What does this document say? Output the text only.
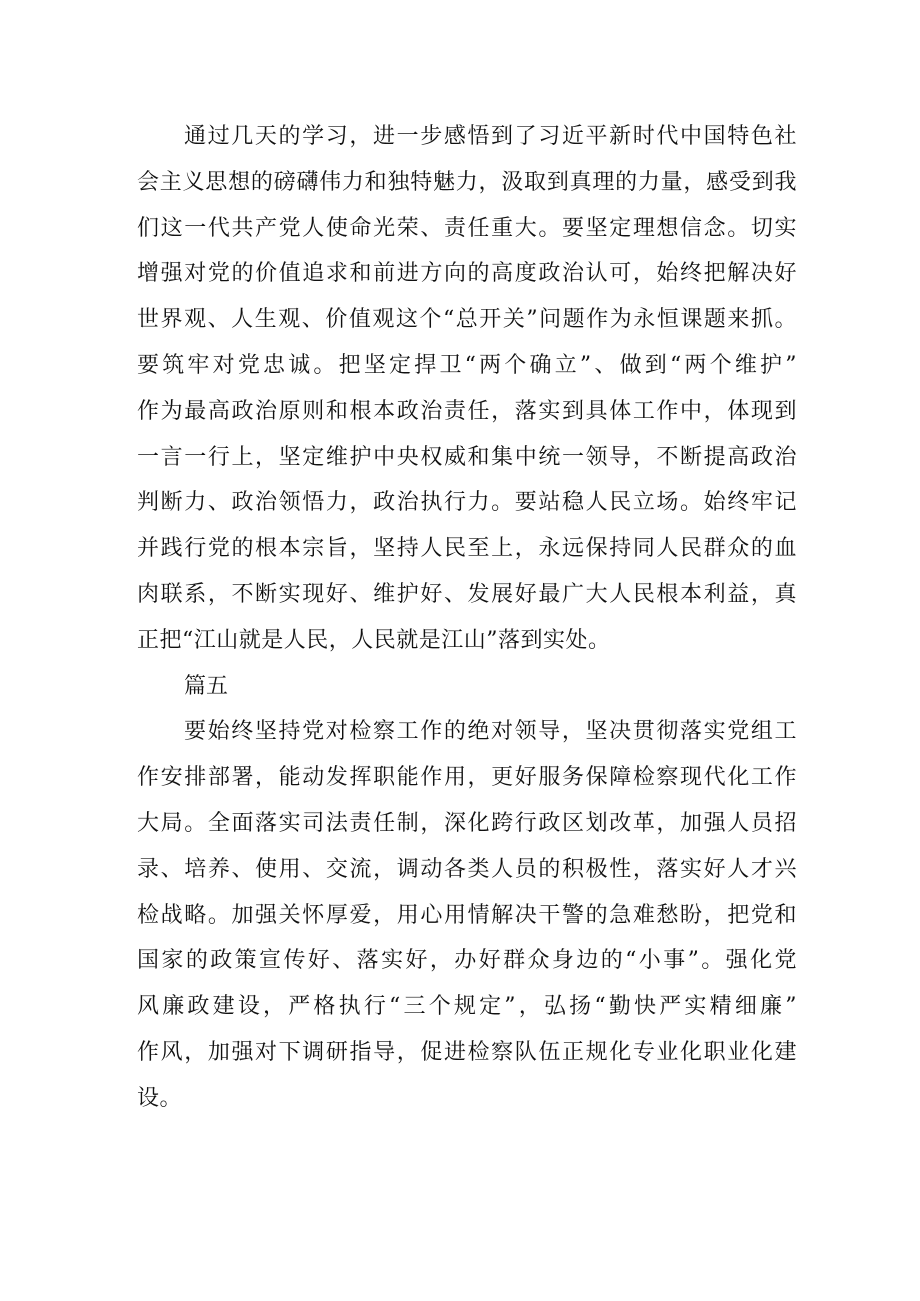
通过几天的学习，进一步感悟到了习近平新时代中国特色社
会主义思想的磅礴伟力和独特魅力，汲取到真理的力量，感受到我
们这一代共产党人使命光荣、责任重大。要坚定理想信念。切实
增强对党的价值追求和前进方向的高度政治认可，始终把解决好
世界观、人生观、价值观这个“总开关”问题作为永恒课题来抓。
要筑牢对党忠诚。把坚定捍卫“两个确立”、做到“两个维护”
作为最高政治原则和根本政治责任，落实到具体工作中，体现到
一言一行上，坚定维护中央权威和集中统一领导，不断提高政治
判断力、政治领悟力，政治执行力。要站稳人民立场。始终牢记
并践行党的根本宗旨，坚持人民至上，永远保持同人民群众的血
肉联系，不断实现好、维护好、发展好最广大人民根本利益，真
正把“江山就是人民，人民就是江山”落到实处。
篇五
要始终坚持党对检察工作的绝对领导，坚决贯彻落实党组工
作安排部署，能动发挥职能作用，更好服务保障检察现代化工作
大局。全面落实司法责任制，深化跨行政区划改革，加强人员招
录、培养、使用、交流，调动各类人员的积极性，落实好人才兴
检战略。加强关怀厚爱，用心用情解决干警的急难愁盼，把党和
国家的政策宣传好、落实好，办好群众身边的“小事”。强化党
风廉政建设，严格执行“三个规定”，弘扬“勤快严实精细廉”
作风，加强对下调研指导，促进检察队伍正规化专业化职业化建
设。
